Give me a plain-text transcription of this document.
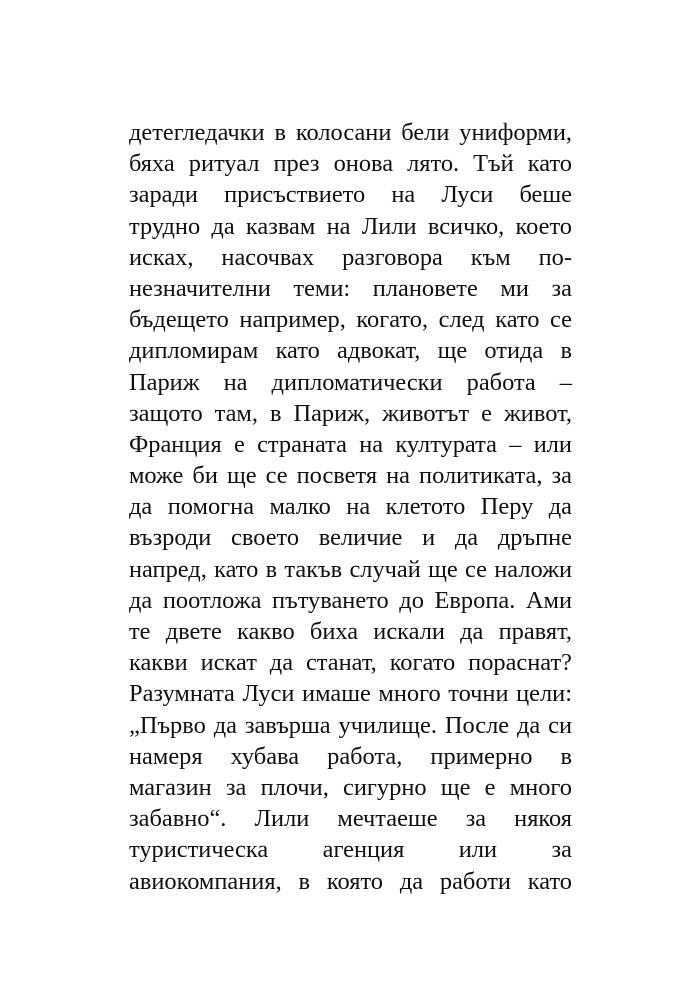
детегледачки в колосани бели униформи,
бяха ритуал през онова лято. Тъй като
заради присъствието на Луси беше
трудно да казвам на Лили всичко, което
исках, насочвах разговора към по-
незначителни теми: плановете ми за
бъдещето например, когато, след като се
дипломирам като адвокат, ще отида в
Париж на дипломатически работа –
защото там, в Париж, животът е живот,
Франция е страната на културата – или
може би ще се посветя на политиката, за
да помогна малко на клетото Перу да
възроди своето величие и да дръпне
напред, като в такъв случай ще се наложи
да поотложа пътуването до Европа. Ами
те двете какво биха искали да правят,
какви искат да станат, когато пораснат?
Разумната Луси имаше много точни цели:
„Първо да завърша училище. После да си
намеря хубава работа, примерно в
магазин за плочи, сигурно ще е много
забавно“. Лили мечтаеше за някоя
туристическа агенция или за
авиокомпания, в която да работи като
